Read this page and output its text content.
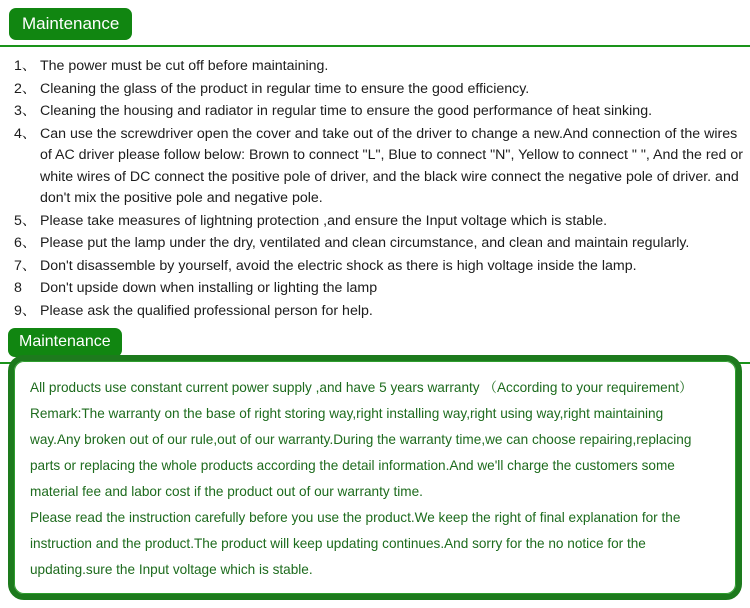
Maintenance
1、 The power must be cut off before maintaining.
2、 Cleaning the glass of the product in regular time to ensure the good efficiency.
3、 Cleaning the housing and radiator in regular time to ensure the good performance of heat sinking.
4、 Can use the screwdriver open the cover and take out of the driver to change a new.And connection of the wires of AC driver please follow below: Brown to connect "L", Blue to connect "N", Yellow to connect " ", And the red or white wires of DC connect the positive pole of driver, and the black wire connect the negative pole of driver. and don't mix the positive pole and negative pole.
5、 Please take measures of lightning protection ,and ensure the Input voltage which is stable.
6、 Please put the lamp under the dry, ventilated and clean circumstance, and clean and maintain regularly.
7、 Don't disassemble by yourself, avoid the electric shock as there is high voltage inside the lamp.
8	Don't upside down when installing or lighting the lamp
9、 Please ask the qualified professional person for help.
Maintenance
All products use constant current power supply ,and have 5 years warranty （According to your requirement）
Remark:The warranty on the base of right storing way,right installing way,right using way,right maintaining
way.Any broken out of our rule,out of our warranty.During the warranty time,we can choose repairing,replacing
parts or replacing the whole products according the detail information.And we'll charge the customers some
material fee and labor cost if the product out of our warranty time.
Please read the instruction carefully before you use the product.We keep the right of final explanation for the
instruction and the product.The product will keep updating continues.And sorry for the no notice for the
updating.sure the Input voltage which is stable.
